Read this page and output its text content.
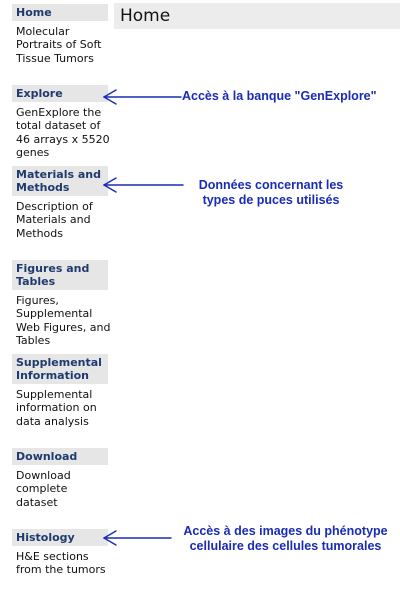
Home
Home
Molecular Portraits of Soft Tissue Tumors
Explore
GenExplore the total dataset of 46 arrays x 5520 genes
Materials and Methods
Description of Materials and Methods
Figures and Tables
Figures, Supplemental Web Figures, and Tables
Supplemental Information
Supplemental information on data analysis
Download
Download complete dataset
Histology
H&E sections from the tumors
Accès à la banque "GenExplore"
Données concernant les
types de puces utilisés
Accès à des images du phénotype
cellulaire des cellules tumorales
